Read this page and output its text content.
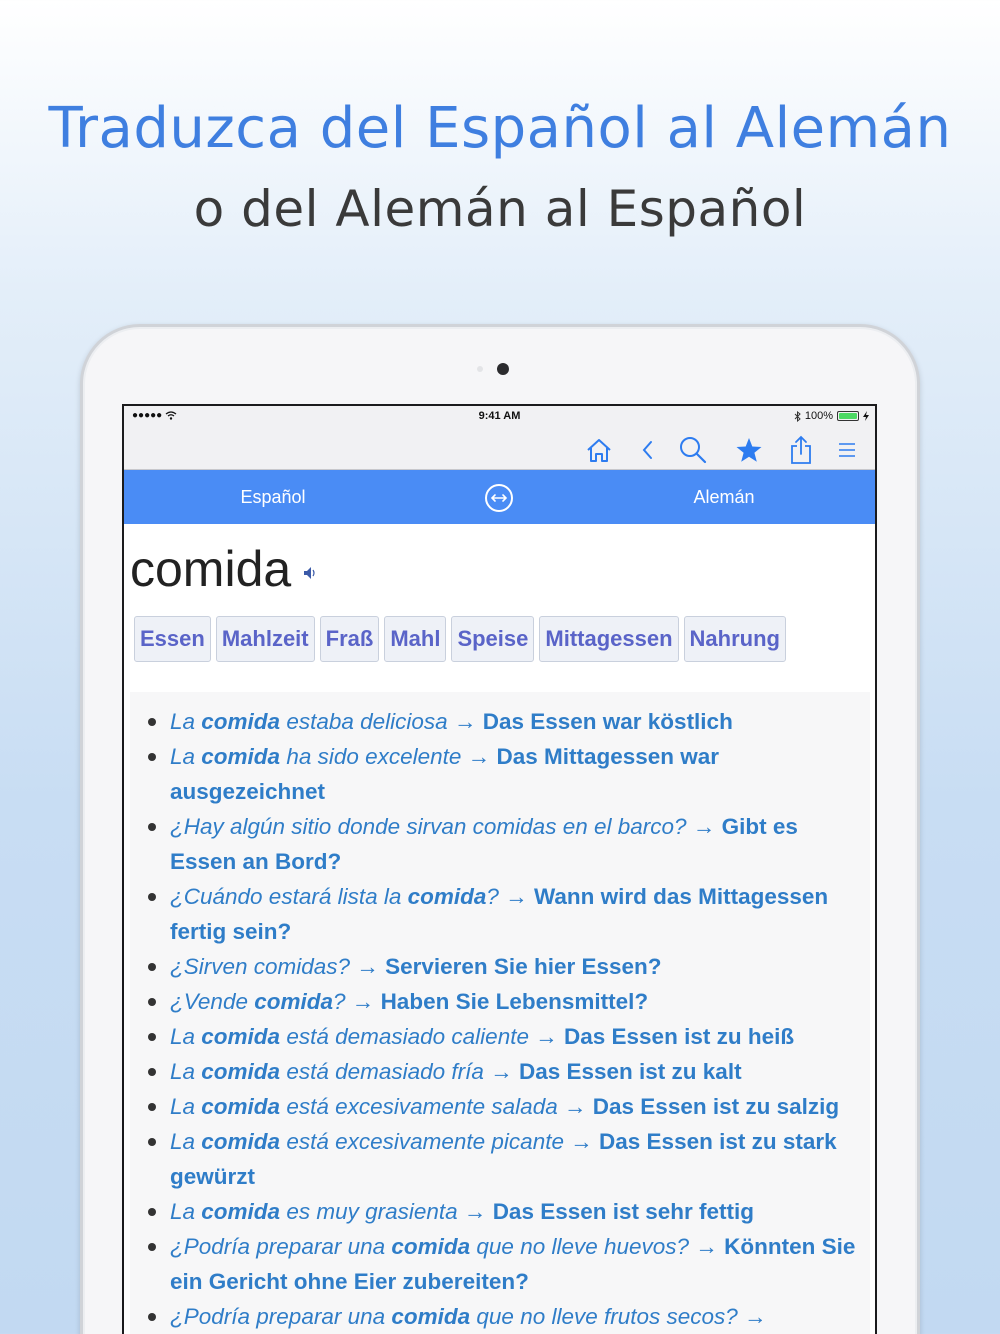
Traduzca del Español al Alemán
o del Alemán al Español
●●●●●	9:41 AM	100%
Español	Alemán
comida
Essen Mahlzeit Fraß Mahl Speise Mittagessen Nahrung
La comida estaba deliciosa → Das Essen war köstlich
La comida ha sido excelente → Das Mittagessen war ausgezeichnet
¿Hay algún sitio donde sirvan comidas en el barco? → Gibt es Essen an Bord?
¿Cuándo estará lista la comida? → Wann wird das Mittagessen fertig sein?
¿Sirven comidas? → Servieren Sie hier Essen?
¿Vende comida? → Haben Sie Lebensmittel?
La comida está demasiado caliente → Das Essen ist zu heiß
La comida está demasiado fría → Das Essen ist zu kalt
La comida está excesivamente salada → Das Essen ist zu salzig
La comida está excesivamente picante → Das Essen ist zu stark gewürzt
La comida es muy grasienta → Das Essen ist sehr fettig
¿Podría preparar una comida que no lleve huevos? → Könnten Sie ein Gericht ohne Eier zubereiten?
¿Podría preparar una comida que no lleve frutos secos? →
